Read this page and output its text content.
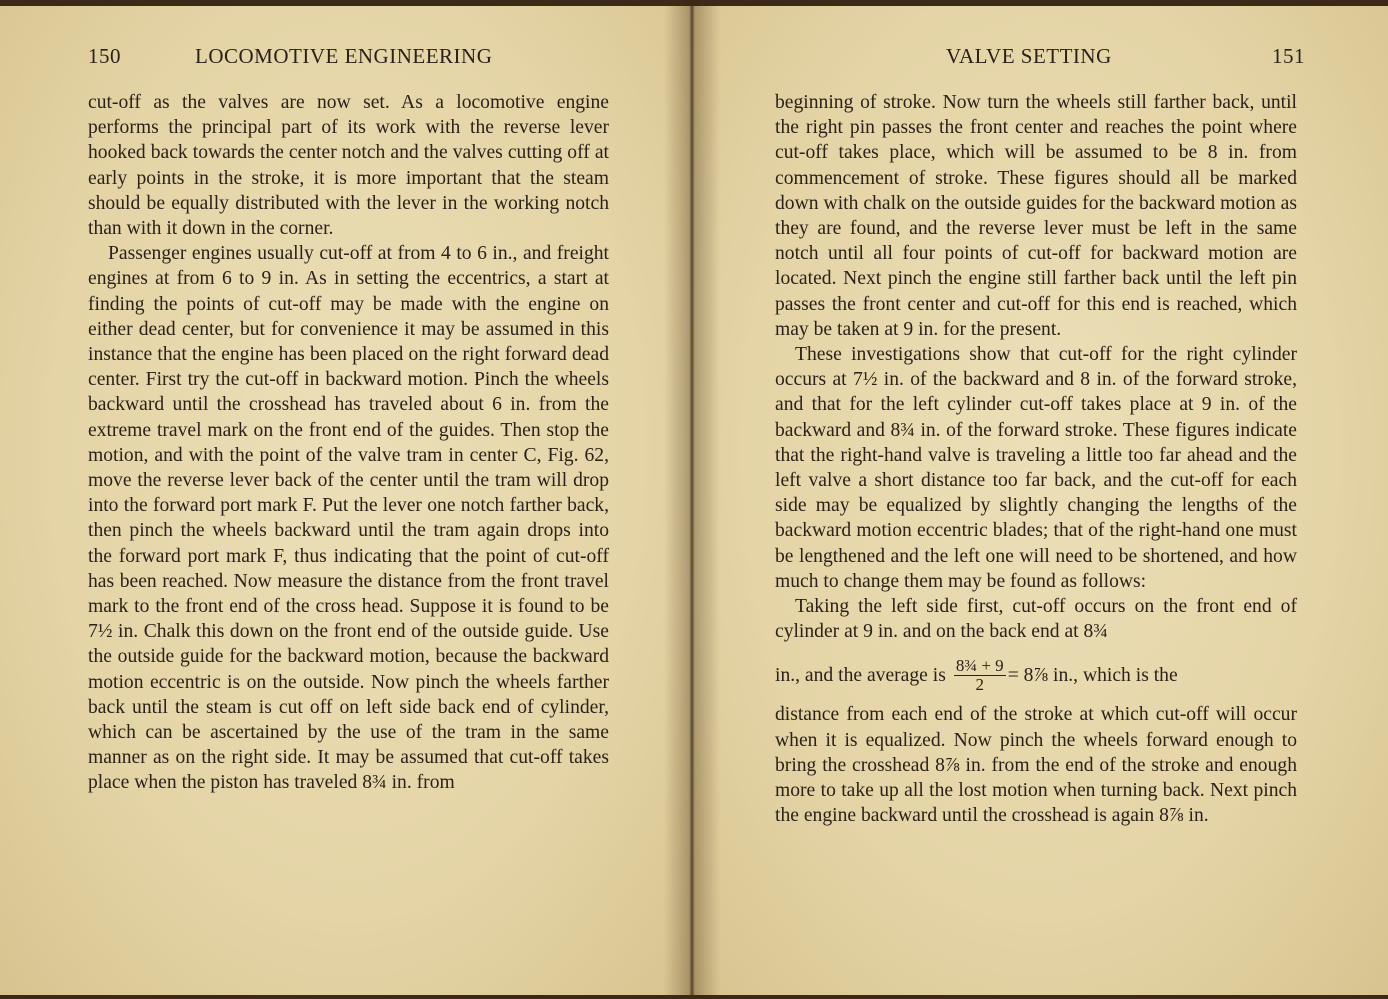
150	LOCOMOTIVE ENGINEERING

cut-off as the valves are now set. As a locomotive engine performs the principal part of its work with the reverse lever hooked back towards the center notch and the valves cutting off at early points in the stroke, it is more important that the steam should be equally distributed with the lever in the working notch than with it down in the corner.

Passenger engines usually cut-off at from 4 to 6 in., and freight engines at from 6 to 9 in. As in setting the eccentrics, a start at finding the points of cut-off may be made with the engine on either dead center, but for convenience it may be assumed in this instance that the engine has been placed on the right forward dead center. First try the cut-off in backward motion. Pinch the wheels backward until the crosshead has traveled about 6 in. from the extreme travel mark on the front end of the guides. Then stop the motion, and with the point of the valve tram in center C, Fig. 62, move the reverse lever back of the center until the tram will drop into the forward port mark F. Put the lever one notch farther back, then pinch the wheels backward until the tram again drops into the forward port mark F, thus indicating that the point of cut-off has been reached. Now measure the distance from the front travel mark to the front end of the cross head. Suppose it is found to be 7½ in. Chalk this down on the front end of the outside guide. Use the outside guide for the backward motion, because the backward motion eccentric is on the outside. Now pinch the wheels farther back until the steam is cut off on left side back end of cylinder, which can be ascertained by the use of the tram in the same manner as on the right side. It may be assumed that cut-off takes place when the piston has traveled 8¾ in. from

VALVE SETTING	151

beginning of stroke. Now turn the wheels still farther back, until the right pin passes the front center and reaches the point where cut-off takes place, which will be assumed to be 8 in. from commencement of stroke. These figures should all be marked down with chalk on the outside guides for the backward motion as they are found, and the reverse lever must be left in the same notch until all four points of cut-off for backward motion are located. Next pinch the engine still farther back until the left pin passes the front center and cut-off for this end is reached, which may be taken at 9 in. for the present.

These investigations show that cut-off for the right cylinder occurs at 7½ in. of the backward and 8 in. of the forward stroke, and that for the left cylinder cut-off takes place at 9 in. of the backward and 8¾ in. of the forward stroke. These figures indicate that the right-hand valve is traveling a little too far ahead and the left valve a short distance too far back, and the cut-off for each side may be equalized by slightly changing the lengths of the backward motion eccentric blades; that of the right-hand one must be lengthened and the left one will need to be shortened, and how much to change them may be found as follows:

Taking the left side first, cut-off occurs on the front end of cylinder at 9 in. and on the back end at 8¾

in., and the average is $\frac{\text{8¾ + 9}}{2}$ = 8⅞ in., which is the

distance from each end of the stroke at which cut-off will occur when it is equalized. Now pinch the wheels forward enough to bring the crosshead 8⅞ in. from the end of the stroke and enough more to take up all the lost motion when turning back. Next pinch the engine backward until the crosshead is again 8⅞ in.
